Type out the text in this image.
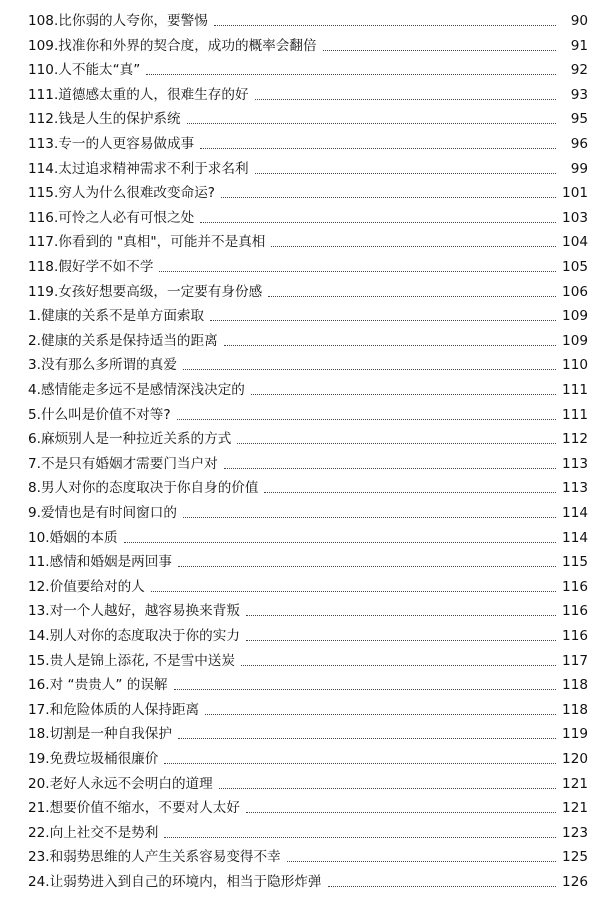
108.比你弱的人夸你，要警惕	90
109.找准你和外界的契合度，成功的概率会翻倍	91
110.人不能太“真”	92
111.道德感太重的人，很难生存的好	93
112.钱是人生的保护系统	95
113.专一的人更容易做成事	96
114.太过追求精神需求不利于求名利	99
115.穷人为什么很难改变命运?	101
116.可怜之人必有可恨之处	103
117.你看到的 "真相"，可能并不是真相	104
118.假好学不如不学	105
119.女孩好想要高级，一定要有身份感	106
1.健康的关系不是单方面索取	109
2.健康的关系是保持适当的距离	109
3.没有那么多所谓的真爱	110
4.感情能走多远不是感情深浅决定的	111
5.什么叫是价值不对等?	111
6.麻烦别人是一种拉近关系的方式	112
7.不是只有婚姻才需要门当户对	113
8.男人对你的态度取决于你自身的价值	113
9.爱情也是有时间窗口的	114
10.婚姻的本质	114
11.感情和婚姻是两回事	115
12.价值要给对的人	116
13.对一个人越好，越容易换来背叛	116
14.别人对你的态度取决于你的实力	116
15.贵人是锦上添花, 不是雪中送炭	117
16.对 “贵贵人” 的误解	118
17.和危险体质的人保持距离	118
18.切割是一种自我保护	119
19.免费垃圾桶很廉价	120
20.老好人永远不会明白的道理	121
21.想要价值不缩水，不要对人太好	121
22.向上社交不是势利	123
23.和弱势思维的人产生关系容易变得不幸	125
24.让弱势进入到自己的环境内，相当于隐形炸弹	126
